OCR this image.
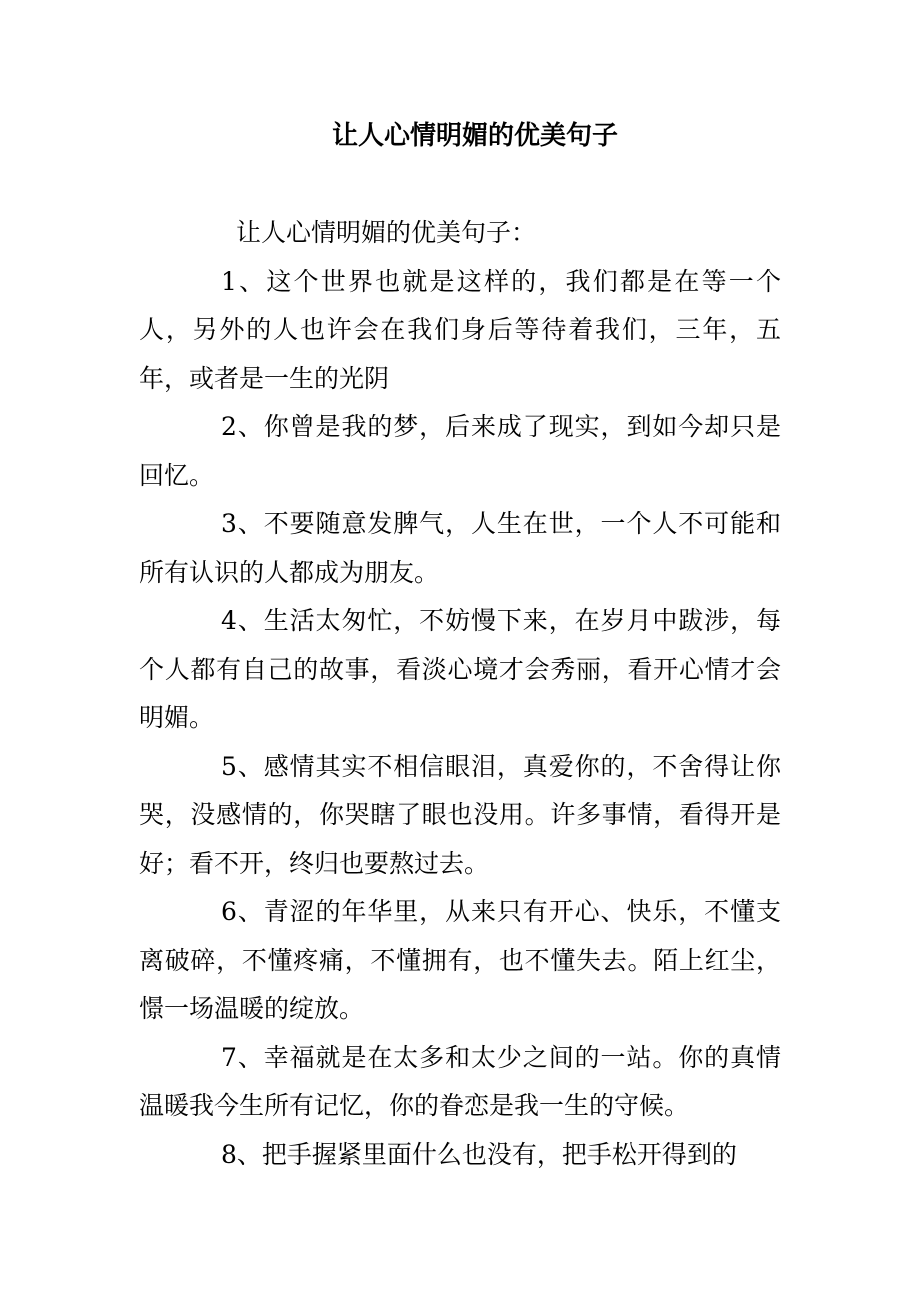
让人心情明媚的优美句子

让人心情明媚的优美句子：

1、这个世界也就是这样的，我们都是在等一个人，另外的人也许会在我们身后等待着我们，三年，五年，或者是一生的光阴

2、你曾是我的梦，后来成了现实，到如今却只是回忆。

3、不要随意发脾气，人生在世，一个人不可能和所有认识的人都成为朋友。

4、生活太匆忙，不妨慢下来，在岁月中跋涉，每个人都有自己的故事，看淡心境才会秀丽，看开心情才会明媚。

5、感情其实不相信眼泪，真爱你的，不舍得让你哭，没感情的，你哭瞎了眼也没用。许多事情，看得开是好；看不开，终归也要熬过去。

6、青涩的年华里，从来只有开心、快乐，不懂支离破碎，不懂疼痛，不懂拥有，也不懂失去。陌上红尘，憬一场温暖的绽放。

7、幸福就是在太多和太少之间的一站。你的真情温暖我今生所有记忆，你的眷恋是我一生的守候。

8、把手握紧里面什么也没有，把手松开得到的
